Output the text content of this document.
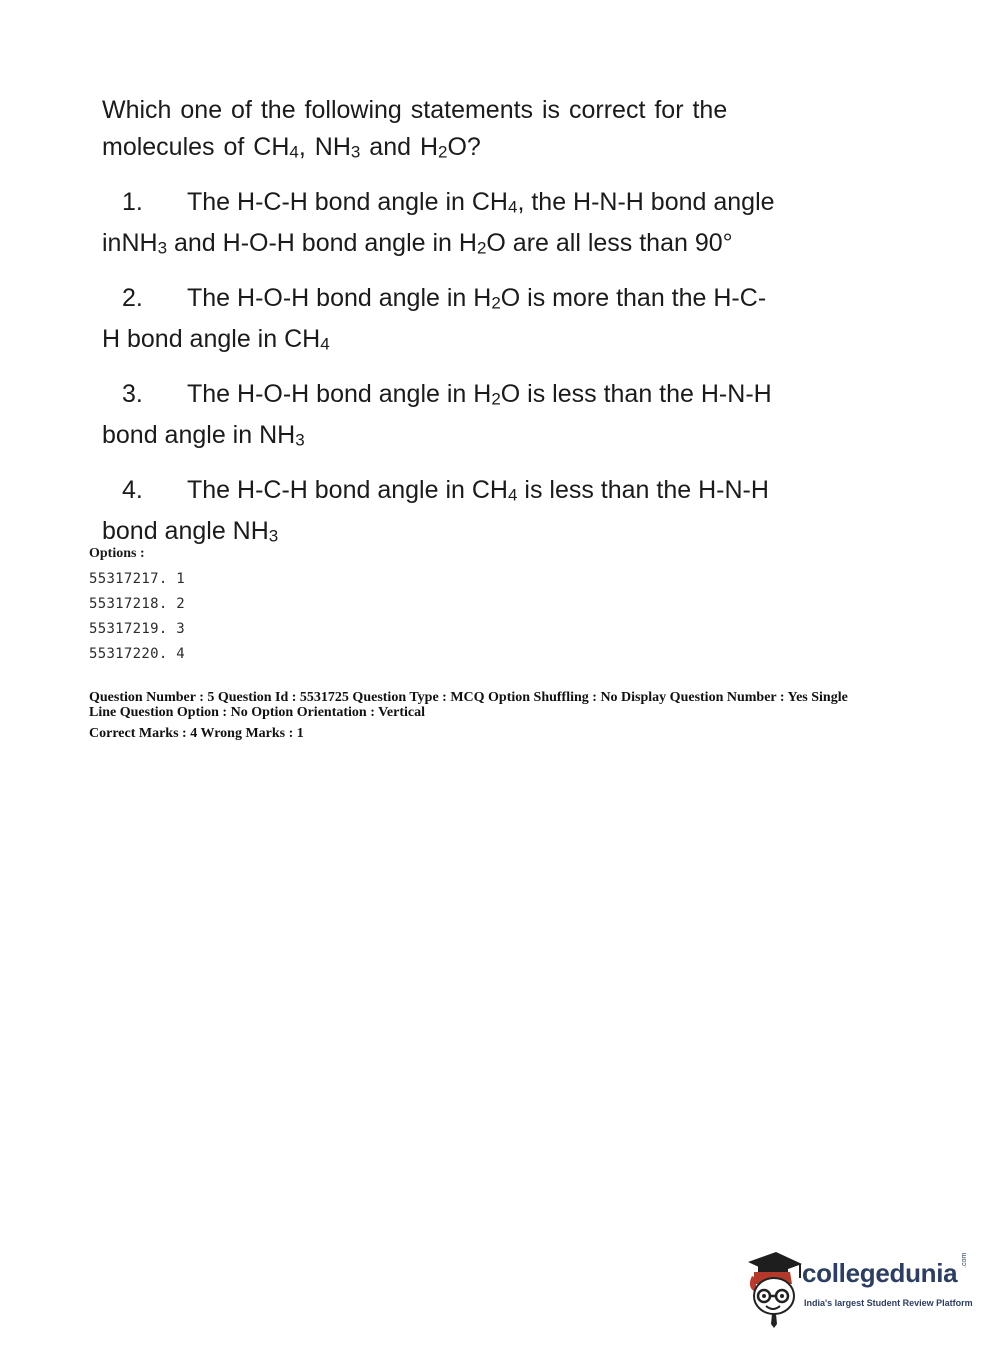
Which one of the following statements is correct for the
molecules of $CH_4$, $NH_3$ and $H_2O$?
1. The H-C-H bond angle in $CH_4$, the H-N-H bond angle
inNH$_3$ and H-O-H bond angle in $H_2O$ are all less than 90°
2. The H-O-H bond angle in $H_2O$ is more than the H-C-
H bond angle in $CH_4$
3. The H-O-H bond angle in $H_2O$ is less than the H-N-H
bond angle in $NH_3$
4. The H-C-H bond angle in $CH_4$ is less than the H-N-H
bond angle $NH_3$
Options :
55317217. 1
55317218. 2
55317219. 3
55317220. 4
Question Number : 5 Question Id : 5531725 Question Type : MCQ Option Shuffling : No Display Question Number : Yes Single
Line Question Option : No Option Orientation : Vertical
Correct Marks : 4 Wrong Marks : 1
collegedunia .com
India's largest Student Review Platform
